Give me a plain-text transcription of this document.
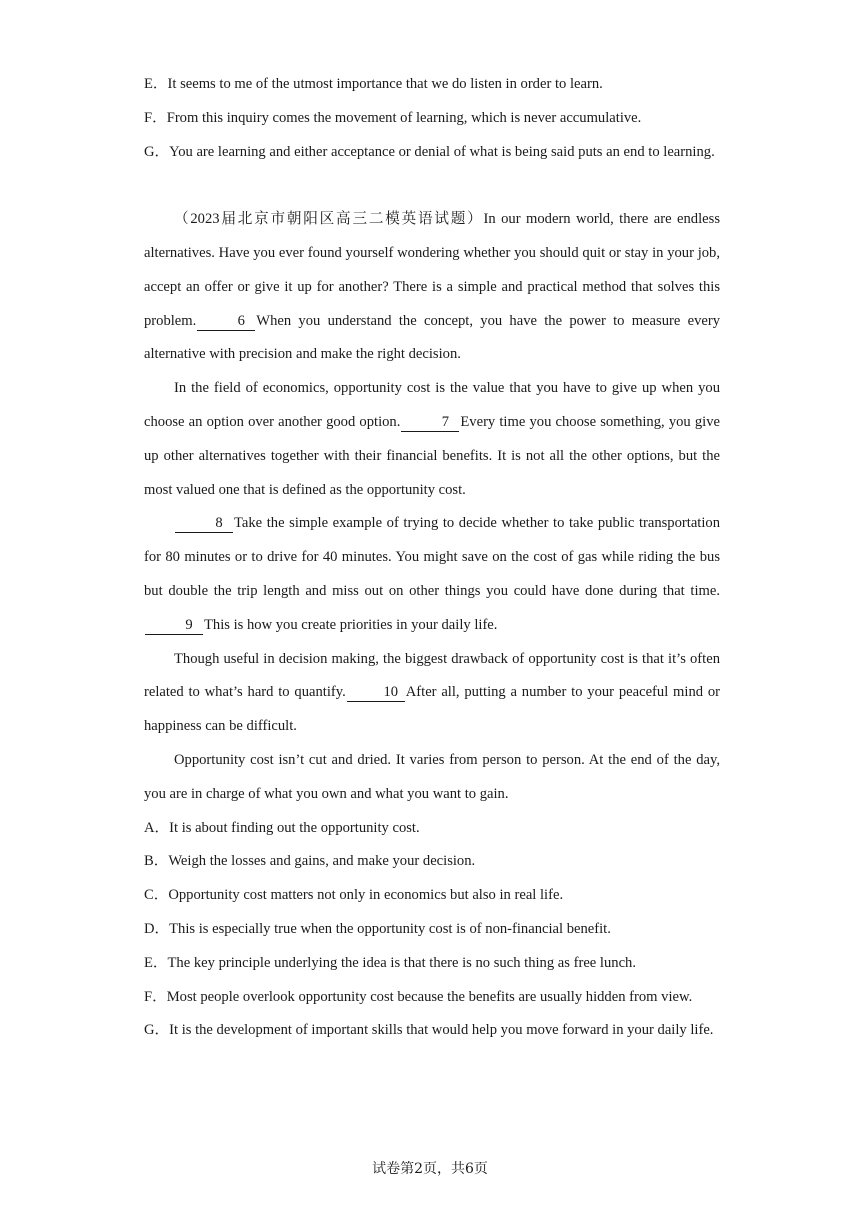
E．It seems to me of the utmost importance that we do listen in order to learn.
F．From this inquiry comes the movement of learning, which is never accumulative.
G．You are learning and either acceptance or denial of what is being said puts an end to learning.
（2023届北京市朝阳区高三二模英语试题）In our modern world, there are endless alternatives. Have you ever found yourself wondering whether you should quit or stay in your job, accept an offer or give it up for another? There is a simple and practical method that solves this problem.	6 When you understand the concept, you have the power to measure every alternative with precision and make the right decision.
In the field of economics, opportunity cost is the value that you have to give up when you choose an option over another good option.	7 Every time you choose something, you give up other alternatives together with their financial benefits. It is not all the other options, but the most valued one that is defined as the opportunity cost.
8 Take the simple example of trying to decide whether to take public transportation for 80 minutes or to drive for 40 minutes. You might save on the cost of gas while riding the bus but double the trip length and miss out on other things you could have done during that time.9 This is how you create priorities in your daily life.
Though useful in decision making, the biggest drawback of opportunity cost is that it’s often related to what’s hard to quantify.	10 After all, putting a number to your peaceful mind or happiness can be difficult.
Opportunity cost isn’t cut and dried. It varies from person to person. At the end of the day, you are in charge of what you own and what you want to gain.
A．It is about finding out the opportunity cost.
B．Weigh the losses and gains, and make your decision.
C．Opportunity cost matters not only in economics but also in real life.
D．This is especially true when the opportunity cost is of non-financial benefit.
E．The key principle underlying the idea is that there is no such thing as free lunch.
F．Most people overlook opportunity cost because the benefits are usually hidden from view.
G．It is the development of important skills that would help you move forward in your daily life.
试卷第2页，共6页
